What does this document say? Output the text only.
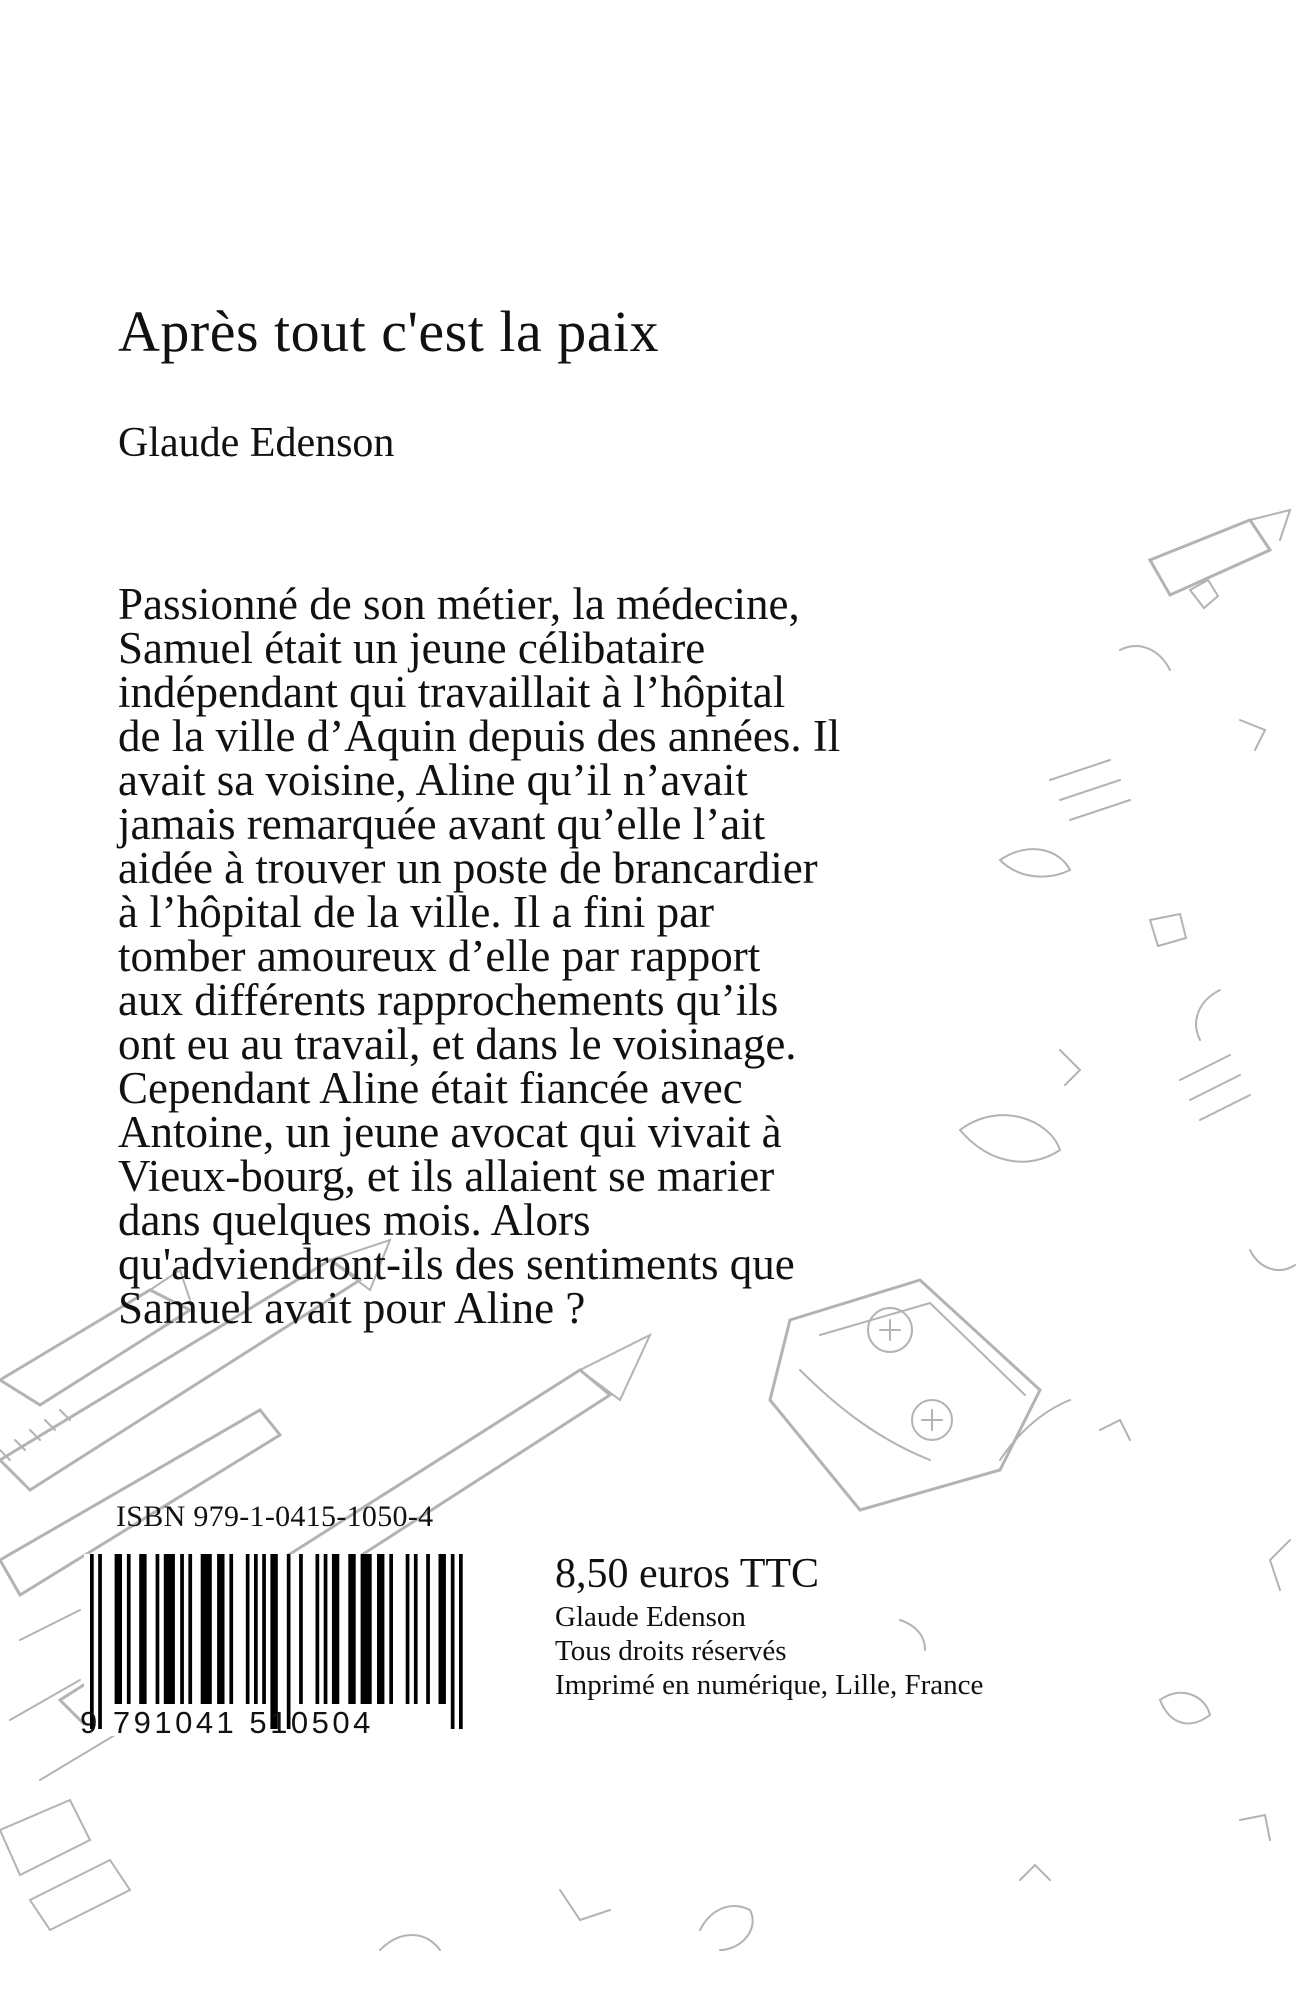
Après tout c'est la paix
Glaude Edenson
Passionné de son métier, la médecine,
Samuel était un jeune célibataire
indépendant qui travaillait à l’hôpital
de la ville d’Aquin depuis des années. Il
avait sa voisine, Aline qu’il n’avait
jamais remarquée avant qu’elle l’ait
aidée à trouver un poste de brancardier
à l’hôpital de la ville. Il a fini par
tomber amoureux d’elle par rapport
aux différents rapprochements qu’ils
ont eu au travail, et dans le voisinage.
Cependant Aline était fiancée avec
Antoine, un jeune avocat qui vivait à
Vieux-bourg, et ils allaient se marier
dans quelques mois. Alors
qu'adviendront-ils des sentiments que
Samuel avait pour Aline ?
ISBN 979-1-0415-1050-4
9 791041 510504
8,50 euros TTC
Glaude Edenson
Tous droits réservés
Imprimé en numérique, Lille, France
